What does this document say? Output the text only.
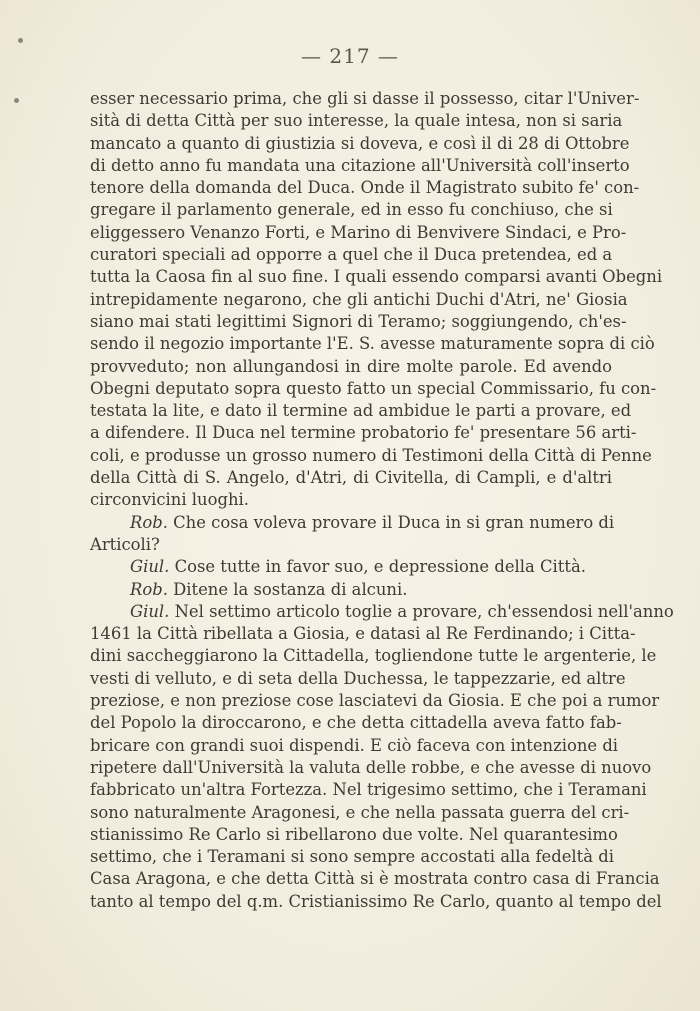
— 217 —
esser necessario prima, che gli si dasse il possesso, citar l'Univer-
sità di detta Città per suo interesse, la quale intesa, non si saria
mancato a quanto di giustizia si doveva, e così il di 28 di Ottobre
di detto anno fu mandata una citazione all'Università coll'inserto
tenore della domanda del Duca. Onde il Magistrato subito fe' con-
gregare il parlamento generale, ed in esso fu conchiuso, che si
eliggessero Venanzo Forti, e Marino di Benvivere Sindaci, e Pro-
curatori speciali ad opporre a quel che il Duca pretendea, ed a
tutta la Caosa fin al suo fine. I quali essendo comparsi avanti Obegni
intrepidamente negarono, che gli antichi Duchi d'Atri, ne' Giosia
siano mai stati legittimi Signori di Teramo; soggiungendo, ch'es-
sendo il negozio importante l'E. S. avesse maturamente sopra di ciò
provveduto; non allungandosi in dire molte parole. Ed avendo
Obegni deputato sopra questo fatto un special Commissario, fu con-
testata la lite, e dato il termine ad ambidue le parti a provare, ed
a difendere. Il Duca nel termine probatorio fe' presentare 56 arti-
coli, e produsse un grosso numero di Testimoni della Città di Penne
della Città di S. Angelo, d'Atri, di Civitella, di Campli, e d'altri
circonvicini luoghi.
Rob. Che cosa voleva provare il Duca in si gran numero di
Articoli?
Giul. Cose tutte in favor suo, e depressione della Città.
Rob. Ditene la sostanza di alcuni.
Giul. Nel settimo articolo toglie a provare, ch'essendosi nell'anno
1461 la Città ribellata a Giosia, e datasi al Re Ferdinando; i Citta-
dini saccheggiarono la Cittadella, togliendone tutte le argenterie, le
vesti di velluto, e di seta della Duchessa, le tappezzarie, ed altre
preziose, e non preziose cose lasciatevi da Giosia. E che poi a rumor
del Popolo la diroccarono, e che detta cittadella aveva fatto fab-
bricare con grandi suoi dispendi. E ciò faceva con intenzione di
ripetere dall'Università la valuta delle robbe, e che avesse di nuovo
fabbricato un'altra Fortezza. Nel trigesimo settimo, che i Teramani
sono naturalmente Aragonesi, e che nella passata guerra del cri-
stianissimo Re Carlo si ribellarono due volte. Nel quarantesimo
settimo, che i Teramani si sono sempre accostati alla fedeltà di
Casa Aragona, e che detta Città si è mostrata contro casa di Francia
tanto al tempo del q.m. Cristianissimo Re Carlo, quanto al tempo del
